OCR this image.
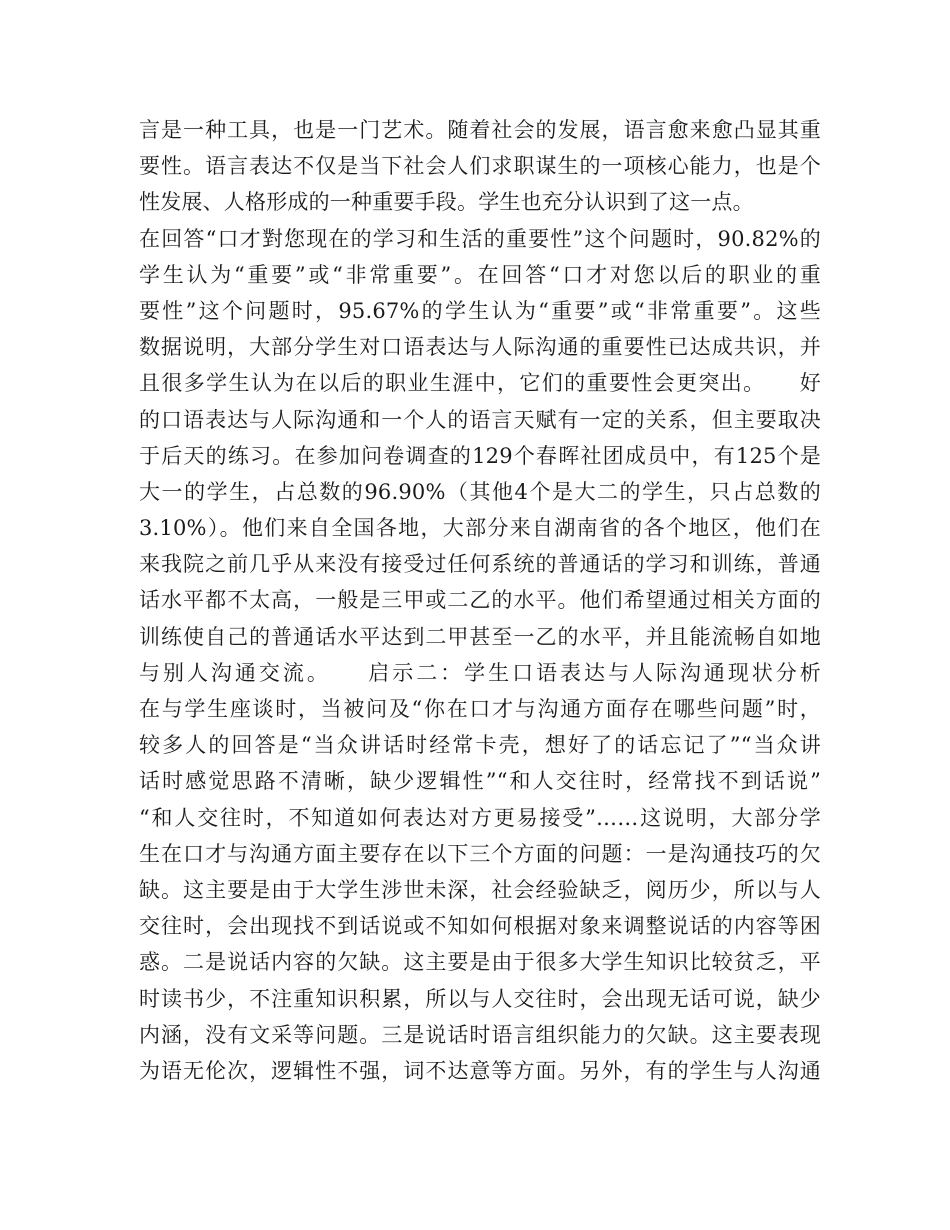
言是一种工具，也是一门艺术。随着社会的发展，语言愈来愈凸显其重
要性。语言表达不仅是当下社会人们求职谋生的一项核心能力，也是个
性发展、人格形成的一种重要手段。学生也充分认识到了这一点。
在回答“口才對您现在的学习和生活的重要性”这个问题时，90.82%的
学生认为“重要”或“非常重要”。在回答“口才对您以后的职业的重
要性”这个问题时，95.67%的学生认为“重要”或“非常重要”。这些
数据说明，大部分学生对口语表达与人际沟通的重要性已达成共识，并
且很多学生认为在以后的职业生涯中，它们的重要性会更突出。　　好
的口语表达与人际沟通和一个人的语言天赋有一定的关系，但主要取决
于后天的练习。在参加问卷调查的129个春晖社团成员中，有125个是
大一的学生，占总数的96.90%（其他4个是大二的学生，只占总数的
3.10%）。他们来自全国各地，大部分来自湖南省的各个地区，他们在
来我院之前几乎从来没有接受过任何系统的普通话的学习和训练，普通
话水平都不太高，一般是三甲或二乙的水平。他们希望通过相关方面的
训练使自己的普通话水平达到二甲甚至一乙的水平，并且能流畅自如地
与别人沟通交流。　　启示二：学生口语表达与人际沟通现状分析
在与学生座谈时，当被问及“你在口才与沟通方面存在哪些问题”时，
较多人的回答是“当众讲话时经常卡壳，想好了的话忘记了”“当众讲
话时感觉思路不清晰，缺少逻辑性”“和人交往时，经常找不到话说”
“和人交往时，不知道如何表达对方更易接受”……这说明，大部分学
生在口才与沟通方面主要存在以下三个方面的问题：一是沟通技巧的欠
缺。这主要是由于大学生涉世未深，社会经验缺乏，阅历少，所以与人
交往时，会出现找不到话说或不知如何根据对象来调整说话的内容等困
惑。二是说话内容的欠缺。这主要是由于很多大学生知识比较贫乏，平
时读书少，不注重知识积累，所以与人交往时，会出现无话可说，缺少
内涵，没有文采等问题。三是说话时语言组织能力的欠缺。这主要表现
为语无伦次，逻辑性不强，词不达意等方面。另外，有的学生与人沟通
